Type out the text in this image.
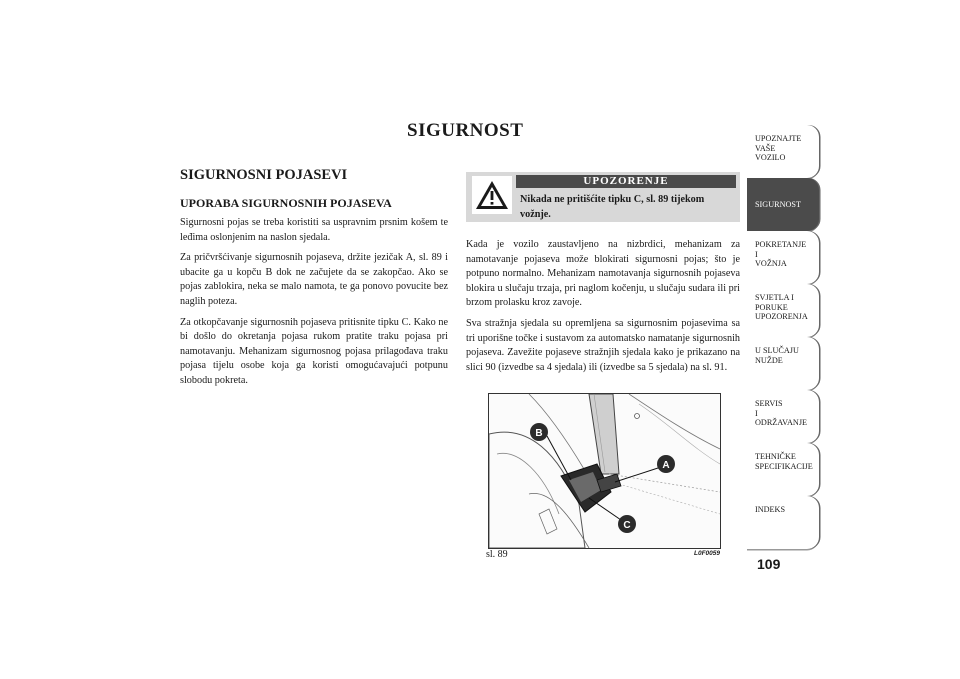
SIGURNOST
SIGURNOSNI POJASEVI
UPORABA SIGURNOSNIH POJASEVA

Sigurnosni pojas se treba koristiti sa uspravnim prsnim košem te leđima oslonjenim na naslon sjedala.

Za pričvršćivanje sigurnosnih pojaseva, držite jezičak A, sl. 89 i ubacite ga u kopču B dok ne začujete da se zakopčao. Ako se pojas zablokira, neka se malo namota, te ga ponovo povucite bez naglih poteza.

Za otkopčavanje sigurnosnih pojaseva pritisnite tipku C. Kako ne bi došlo do okretanja pojasa rukom pratite traku pojasa pri namotavanju. Mehanizam sigurnosnog pojasa prilagođava traku pojasa tijelu osobe koja ga koristi omogućavajući potpunu slobodu pokreta.

UPOZORENJE
Nikada ne pritišćite tipku C, sl. 89 tijekom vožnje.

Kada je vozilo zaustavljeno na nizbrdici, mehanizam za namotavanje pojaseva može blokirati sigurnosni pojas; što je potpuno normalno. Mehanizam namotavanja sigurnosnih pojaseva blokira u slučaju trzaja, pri naglom kočenju, u slučaju sudara ili pri brzom prolasku kroz zavoje.

Sva stražnja sjedala su opremljena sa sigurnosnim pojasevima sa tri uporišne točke i sustavom za automatsko namatanje sigurnosnih pojaseva. Zavežite pojaseve stražnjih sjedala kako je prikazano na slici 90 (izvedbe sa 4 sjedala) ili (izvedbe sa 5 sjedala) na sl. 91.

B
A
C
sl. 89	L0F0059
UPOZNAJTE
VAŠE
VOZILO
SIGURNOST
POKRETANJE
I
VOŽNJA
SVJETLA I
PORUKE
UPOZORENJA
U SLUČAJU
NUŽDE
SERVIS
I
ODRŽAVANJE
TEHNIČKE
SPECIFIKACIJE
INDEKS
109
